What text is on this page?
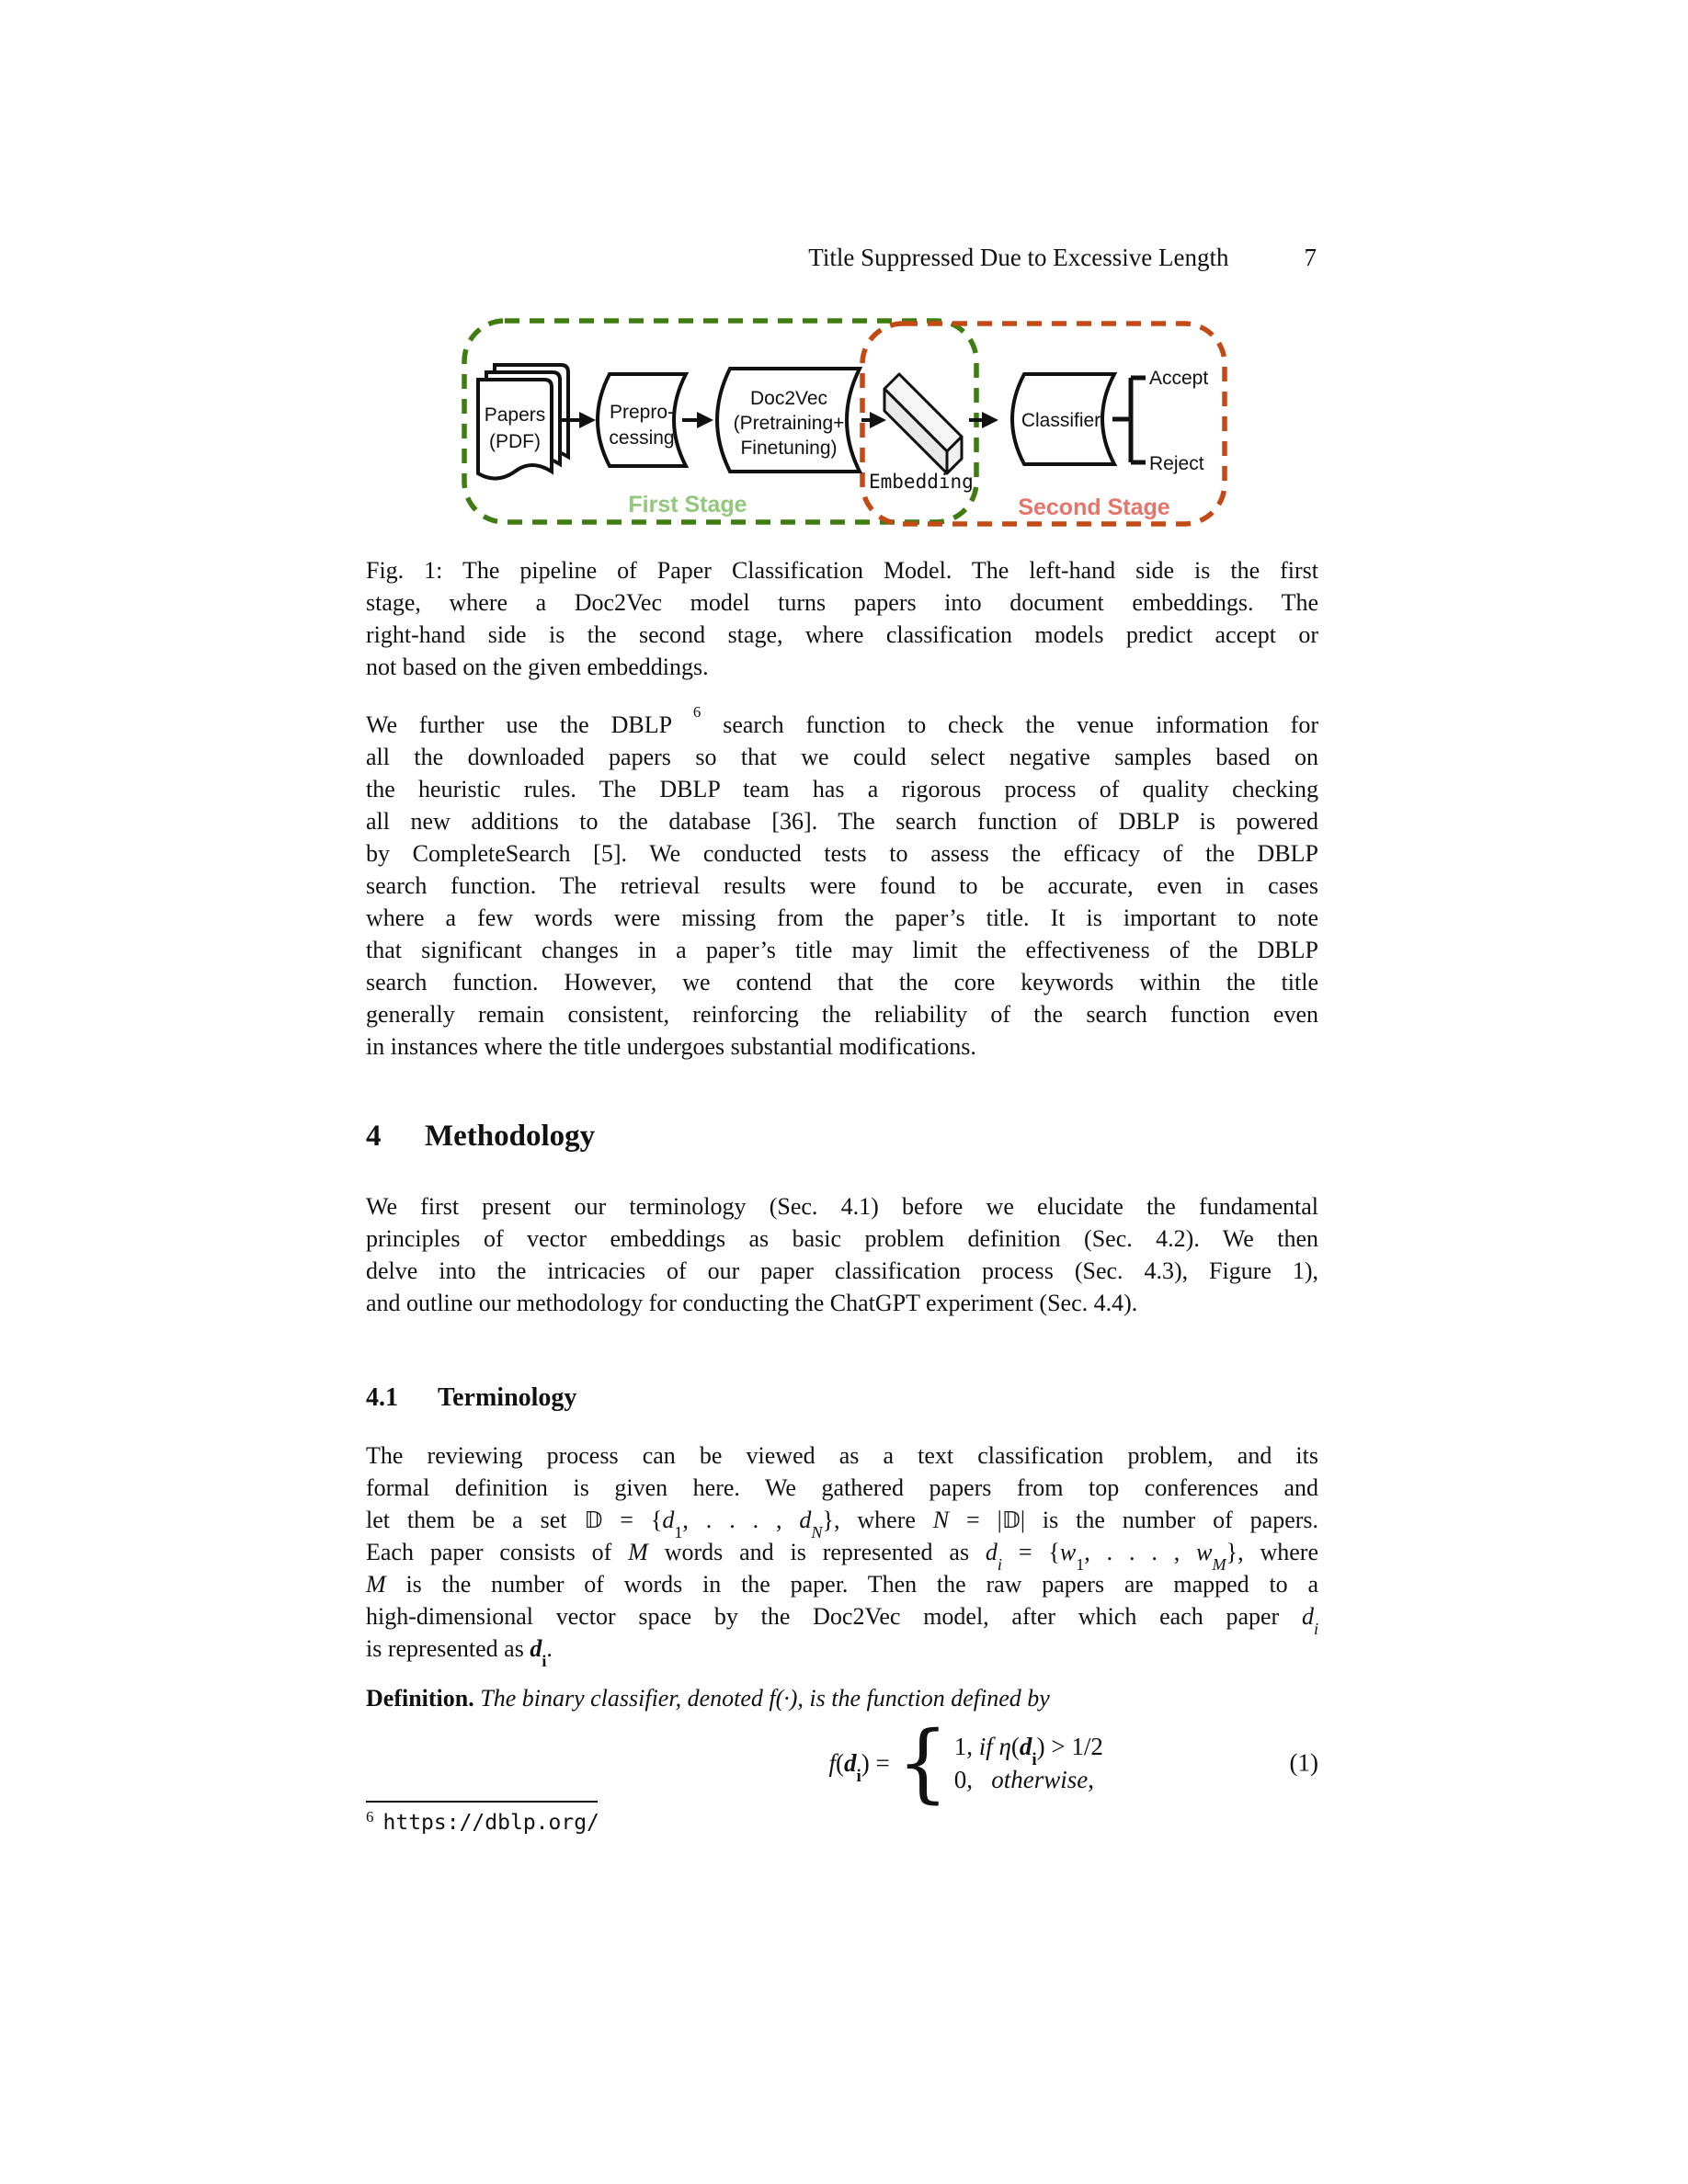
Title Suppressed Due to Excessive Length	7
Papers
(PDF)
Prepro-
cessing
Doc2Vec
(Pretraining+
Finetuning)
Embedding
Classifier
Accept
Reject
First Stage	Second Stage
Fig. 1: The pipeline of Paper Classification Model. The left-hand side is the first
stage, where a Doc2Vec model turns papers into document embeddings. The
right-hand side is the second stage, where classification models predict accept or
not based on the given embeddings.
We further use the DBLP $^6$ search function to check the venue information for
all the downloaded papers so that we could select negative samples based on
the heuristic rules. The DBLP team has a rigorous process of quality checking
all new additions to the database [36]. The search function of DBLP is powered
by CompleteSearch [5]. We conducted tests to assess the efficacy of the DBLP
search function. The retrieval results were found to be accurate, even in cases
where a few words were missing from the paper’s title. It is important to note
that significant changes in a paper’s title may limit the effectiveness of the DBLP
search function. However, we contend that the core keywords within the title
generally remain consistent, reinforcing the reliability of the search function even
in instances where the title undergoes substantial modifications.
4 Methodology
We first present our terminology (Sec. 4.1) before we elucidate the fundamental
principles of vector embeddings as basic problem definition (Sec. 4.2). We then
delve into the intricacies of our paper classification process (Sec. 4.3), Figure 1),
and outline our methodology for conducting the ChatGPT experiment (Sec. 4.4).
4.1 Terminology
The reviewing process can be viewed as a text classification problem, and its
formal definition is given here. We gathered papers from top conferences and
let them be a set 𝔻 = {$d_1$, . . . , $d_N$}, where N = |𝔻| is the number of papers.
Each paper consists of M words and is represented as $d_i = \{w_1$, . . . , $w_M$}, where
M is the number of words in the paper. Then the raw papers are mapped to a
high-dimensional vector space by the Doc2Vec model, after which each paper $d_i$
is represented as $d_i$.
Definition. The binary classifier, denoted f(·), is the function defined by
$f(d_i)$ = { 1, if $\eta(d_i) > 1/2$
0,   otherwise,
(1)
$^6$ https://dblp.org/
